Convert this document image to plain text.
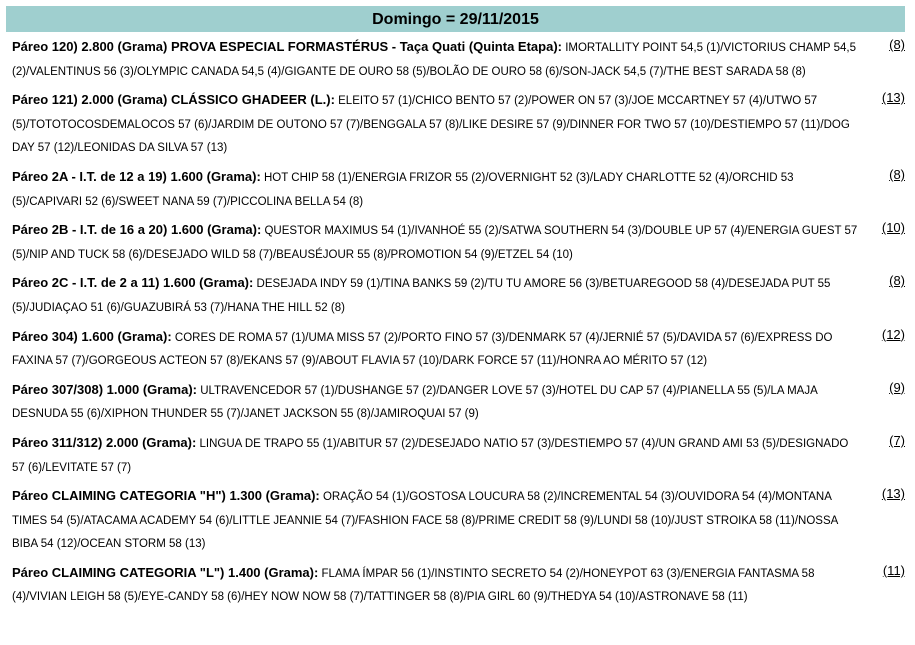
Domingo = 29/11/2015
Páreo 120) 2.800 (Grama) PROVA ESPECIAL FORMASTÉRUS - Taça Quati (Quinta Etapa): IMORTALLITY POINT 54,5 (1)/VICTORIUS CHAMP 54,5 (2)/VALENTINUS 56 (3)/OLYMPIC CANADA 54,5 (4)/GIGANTE DE OURO 58 (5)/BOLÃO DE OURO 58 (6)/SON-JACK 54,5 (7)/THE BEST SARADA 58 (8)
(8)
Páreo 121) 2.000 (Grama) CLÁSSICO GHADEER (L.): ELEITO 57 (1)/CHICO BENTO 57 (2)/POWER ON 57 (3)/JOE MCCARTNEY 57 (4)/UTWO 57 (5)/TOTOTOCOSDEMALOCOS 57 (6)/JARDIM DE OUTONO 57 (7)/BENGGALA 57 (8)/LIKE DESIRE 57 (9)/DINNER FOR TWO 57 (10)/DESTIEMPO 57 (11)/DOG DAY 57 (12)/LEONIDAS DA SILVA 57 (13)
(13)
Páreo 2A - I.T. de 12 a 19) 1.600 (Grama): HOT CHIP 58 (1)/ENERGIA FRIZOR 55 (2)/OVERNIGHT 52 (3)/LADY CHARLOTTE 52 (4)/ORCHID 53 (5)/CAPIVARI 52 (6)/SWEET NANA 59 (7)/PICCOLINA BELLA 54 (8)
(8)
Páreo 2B - I.T. de 16 a 20) 1.600 (Grama): QUESTOR MAXIMUS 54 (1)/IVANHOÉ 55 (2)/SATWA SOUTHERN 54 (3)/DOUBLE UP 57 (4)/ENERGIA GUEST 57 (5)/NIP AND TUCK 58 (6)/DESEJADO WILD 58 (7)/BEAUSÉJOUR 55 (8)/PROMOTION 54 (9)/ETZEL 54 (10)
(10)
Páreo 2C - I.T. de 2 a 11) 1.600 (Grama): DESEJADA INDY 59 (1)/TINA BANKS 59 (2)/TU TU AMORE 56 (3)/BETUAREGOOD 58 (4)/DESEJADA PUT 55 (5)/JUDIAÇAO 51 (6)/GUAZUBIRÁ 53 (7)/HANA THE HILL 52 (8)
(8)
Páreo 304) 1.600 (Grama): CORES DE ROMA 57 (1)/UMA MISS 57 (2)/PORTO FINO 57 (3)/DENMARK 57 (4)/JERNIÉ 57 (5)/DAVIDA 57 (6)/EXPRESS DO FAXINA 57 (7)/GORGEOUS ACTEON 57 (8)/EKANS 57 (9)/ABOUT FLAVIA 57 (10)/DARK FORCE 57 (11)/HONRA AO MÉRITO 57 (12)
(12)
Páreo 307/308) 1.000 (Grama): ULTRAVENCEDOR 57 (1)/DUSHANGE 57 (2)/DANGER LOVE 57 (3)/HOTEL DU CAP 57 (4)/PIANELLA 55 (5)/LA MAJA DESNUDA 55 (6)/XIPHON THUNDER 55 (7)/JANET JACKSON 55 (8)/JAMIROQUAI 57 (9)
(9)
Páreo 311/312) 2.000 (Grama): LINGUA DE TRAPO 55 (1)/ABITUR 57 (2)/DESEJADO NATIO 57 (3)/DESTIEMPO 57 (4)/UN GRAND AMI 53 (5)/DESIGNADO 57 (6)/LEVITATE 57 (7)
(7)
Páreo CLAIMING CATEGORIA "H") 1.300 (Grama): ORAÇÃO 54 (1)/GOSTOSA LOUCURA 58 (2)/INCREMENTAL 54 (3)/OUVIDORA 54 (4)/MONTANA TIMES 54 (5)/ATACAMA ACADEMY 54 (6)/LITTLE JEANNIE 54 (7)/FASHION FACE 58 (8)/PRIME CREDIT 58 (9)/LUNDI 58 (10)/JUST STROIKA 58 (11)/NOSSA BIBA 54 (12)/OCEAN STORM 58 (13)
(13)
Páreo CLAIMING CATEGORIA "L") 1.400 (Grama): FLAMA ÍMPAR 56 (1)/INSTINTO SECRETO 54 (2)/HONEYPOT 63 (3)/ENERGIA FANTASMA 58 (4)/VIVIAN LEIGH 58 (5)/EYE-CANDY 58 (6)/HEY NOW NOW 58 (7)/TATTINGER 58 (8)/PIA GIRL 60 (9)/THEDYA 54 (10)/ASTRONAVE 58 (11)
(11)
